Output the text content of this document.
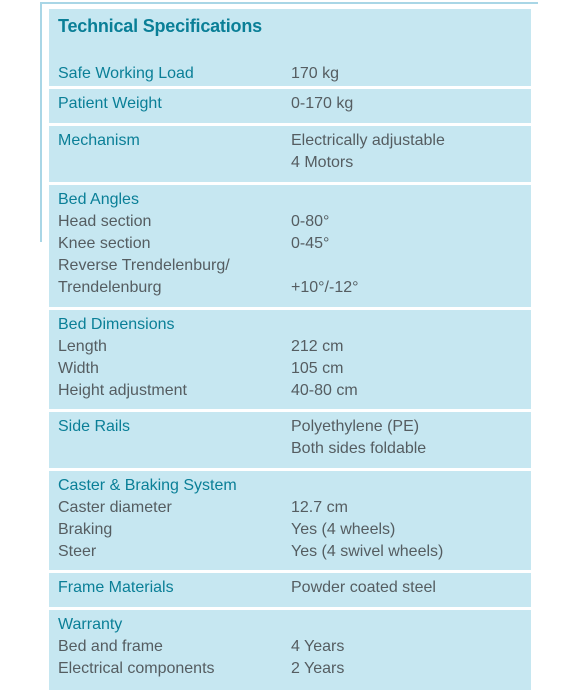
Technical Specifications
Safe Working Load	170 kg
Patient Weight	0-170 kg
Mechanism	Electrically adjustable
4 Motors
Bed Angles
Head section	0-80°
Knee section	0-45°
Reverse Trendelenburg/
Trendelenburg	+10°/-12°
Bed Dimensions
Length	212 cm
Width	105 cm
Height adjustment	40-80 cm
Side Rails	Polyethylene (PE)
Both sides foldable
Caster & Braking System
Caster diameter	12.7 cm
Braking	Yes (4 wheels)
Steer	Yes (4 swivel wheels)
Frame Materials	Powder coated steel
Warranty
Bed and frame	4 Years
Electrical components	2 Years
